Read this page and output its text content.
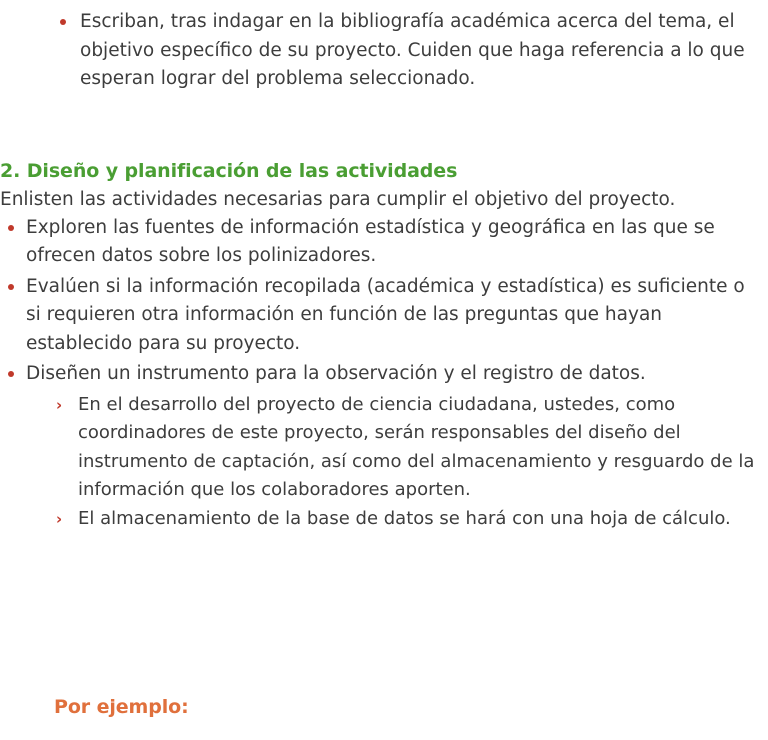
Escriban, tras indagar en la bibliografía académica acerca del tema, el objetivo específico de su proyecto. Cuiden que haga referencia a lo que esperan lograr del problema seleccionado.
2. Diseño y planificación de las actividades

Enlisten las actividades necesarias para cumplir el objetivo del proyecto.

Exploren las fuentes de información estadística y geográfica en las que se ofrecen datos sobre los polinizadores.
Evalúen si la información recopilada (académica y estadística) es suficiente o si requieren otra información en función de las preguntas que hayan establecido para su proyecto.
Diseñen un instrumento para la observación y el registro de datos.
› En el desarrollo del proyecto de ciencia ciudadana, ustedes, como coordinadores de este proyecto, serán responsables del diseño del instrumento de captación, así como del almacenamiento y resguardo de la información que los colaboradores aporten.
› El almacenamiento de la base de datos se hará con una hoja de cálculo.
Por ejemplo:
